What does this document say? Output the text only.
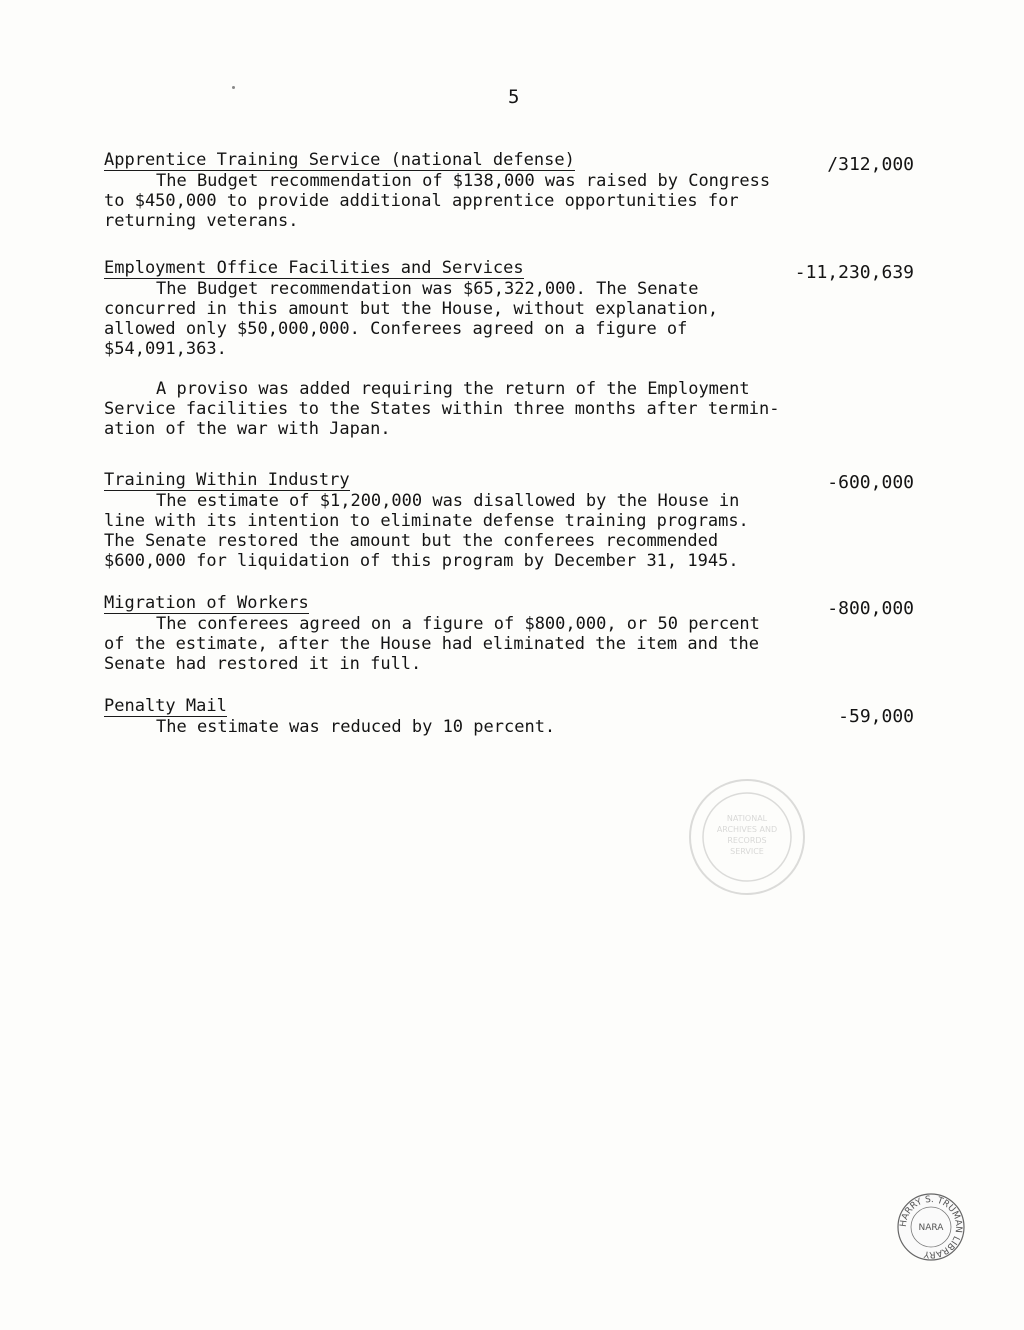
5
Apprentice Training Service (national defense)

The Budget recommendation of $138,000 was raised by Congress
to $450,000 to provide additional apprentice opportunities for
returning veterans.

/312,000
Employment Office Facilities and Services

The Budget recommendation was $65,322,000. The Senate
concurred in this amount but the House, without explanation,
allowed only $50,000,000. Conferees agreed on a figure of
$54,091,363.

A proviso was added requiring the return of the Employment
Service facilities to the States within three months after termin-
ation of the war with Japan.

-11,230,639
Training Within Industry

The estimate of $1,200,000 was disallowed by the House in
line with its intention to eliminate defense training programs.
The Senate restored the amount but the conferees recommended
$600,000 for liquidation of this program by December 31, 1945.

-600,000
Migration of Workers

The conferees agreed on a figure of $800,000, or 50 percent
of the estimate, after the House had eliminated the item and the
Senate had restored it in full.

-800,000
Penalty Mail

The estimate was reduced by 10 percent.	-59,000
NATIONAL
ARCHIVES AND
RECORDS
SERVICE
HARRY S. TRUMAN LIBRARY
NARA
